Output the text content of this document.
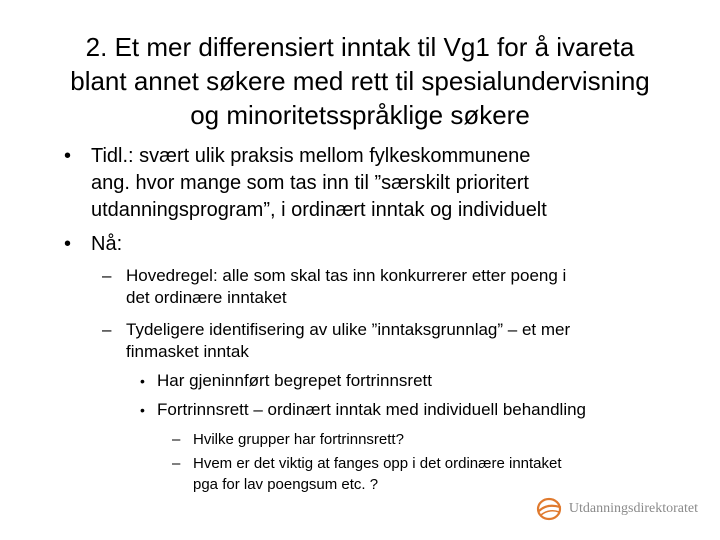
2. Et mer differensiert inntak til Vg1 for å ivareta
blant annet søkere med rett til spesialundervisning
og minoritetsspråklige søkere
• Tidl.: svært ulik praksis mellom fylkeskommunene
ang. hvor mange som tas inn til ”særskilt prioritert
utdanningsprogram”, i ordinært inntak og individuelt
• Nå:
– Hovedregel: alle som skal tas inn konkurrerer etter poeng i
det ordinære inntaket
– Tydeligere identifisering av ulike ”inntaksgrunnlag” – et mer
finmasket inntak
• Har gjeninnført begrepet fortrinnsrett
• Fortrinnsrett – ordinært inntak med individuell behandling
– Hvilke grupper har fortrinnsrett?
– Hvem er det viktig at fanges opp i det ordinære inntaket
pga for lav poengsum etc. ?
Utdanningsdirektoratet
